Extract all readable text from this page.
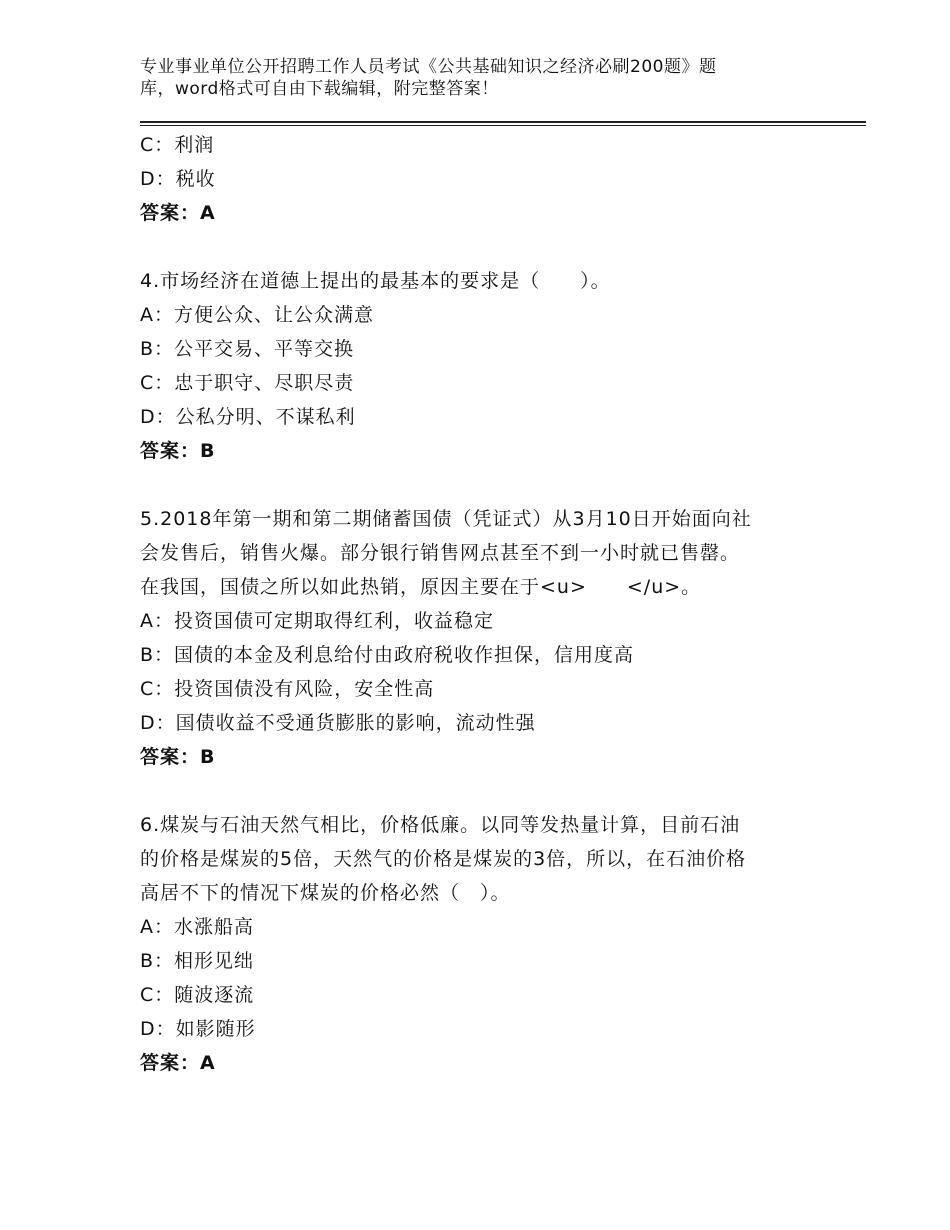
专业事业单位公开招聘工作人员考试《公共基础知识之经济必刷200题》题
库，word格式可自由下载编辑，附完整答案！
C：利润
D：税收
答案：A
4.市场经济在道德上提出的最基本的要求是（　　）。
A：方便公众、让公众满意
B：公平交易、平等交换
C：忠于职守、尽职尽责
D：公私分明、不谋私利
答案：B
5.2018年第一期和第二期储蓄国债（凭证式）从3月10日开始面向社
会发售后，销售火爆。部分银行销售网点甚至不到一小时就已售罄。
在我国，国债之所以如此热销，原因主要在于<u>　　</u>。
A：投资国债可定期取得红利，收益稳定
B：国债的本金及利息给付由政府税收作担保，信用度高
C：投资国债没有风险，安全性高
D：国债收益不受通货膨胀的影响，流动性强
答案：B
6.煤炭与石油天然气相比，价格低廉。以同等发热量计算，目前石油
的价格是煤炭的5倍，天然气的价格是煤炭的3倍，所以，在石油价格
高居不下的情况下煤炭的价格必然（　）。
A：水涨船高
B：相形见绌
C：随波逐流
D：如影随形
答案：A
